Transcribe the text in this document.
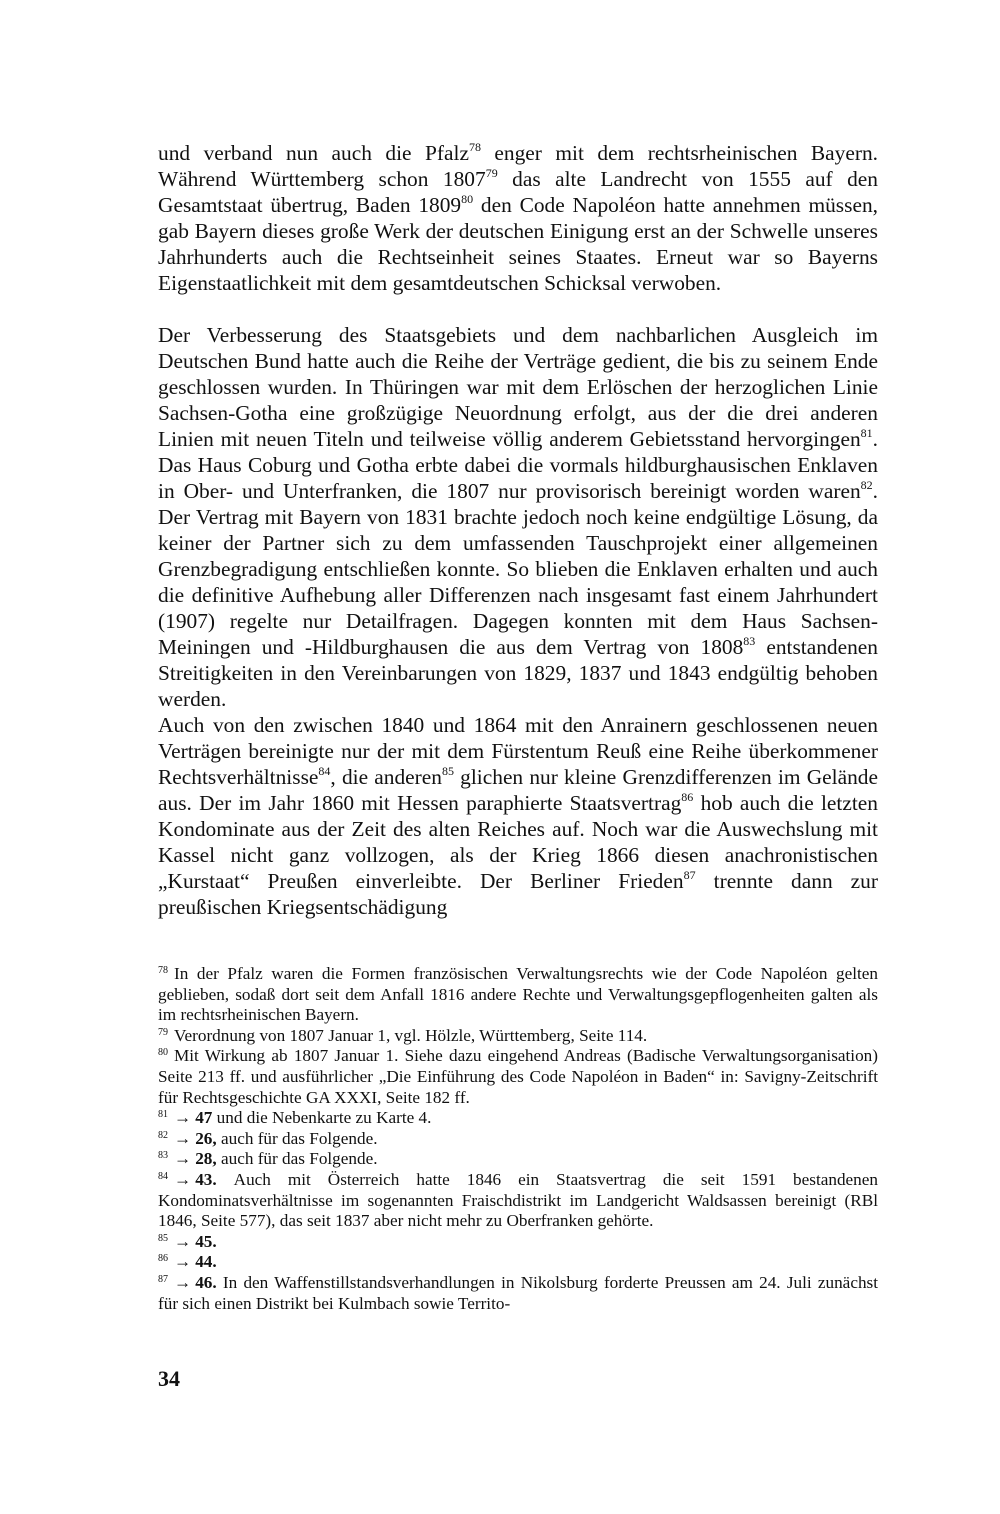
und verband nun auch die Pfalz$^{78}$ enger mit dem rechtsrheinischen Bayern. Während Württemberg schon 1807$^{79}$ das alte Landrecht von 1555 auf den Gesamtstaat übertrug, Baden 1809$^{80}$ den Code Napoléon hatte annehmen müssen, gab Bayern dieses große Werk der deutschen Einigung erst an der Schwelle unseres Jahrhunderts auch die Rechtseinheit seines Staates. Erneut war so Bayerns Eigenstaatlichkeit mit dem gesamtdeutschen Schicksal verwoben.

Der Verbesserung des Staatsgebiets und dem nachbarlichen Ausgleich im Deutschen Bund hatte auch die Reihe der Verträge gedient, die bis zu seinem Ende geschlossen wurden. In Thüringen war mit dem Erlöschen der herzoglichen Linie Sachsen-Gotha eine großzügige Neuordnung erfolgt, aus der die drei anderen Linien mit neuen Titeln und teilweise völlig anderem Gebietsstand hervorgingen$^{81}$. Das Haus Coburg und Gotha erbte dabei die vormals hildburghausischen Enklaven in Ober- und Unterfranken, die 1807 nur provisorisch bereinigt worden waren$^{82}$. Der Vertrag mit Bayern von 1831 brachte jedoch noch keine endgültige Lösung, da keiner der Partner sich zu dem umfassenden Tauschprojekt einer allgemeinen Grenzbegradigung entschließen konnte. So blieben die Enklaven erhalten und auch die definitive Aufhebung aller Differenzen nach insgesamt fast einem Jahrhundert (1907) regelte nur Detailfragen. Dagegen konnten mit dem Haus Sachsen-Meiningen und -Hildburghausen die aus dem Vertrag von 1808$^{83}$ entstandenen Streitigkeiten in den Vereinbarungen von 1829, 1837 und 1843 endgültig behoben werden.

Auch von den zwischen 1840 und 1864 mit den Anrainern geschlossenen neuen Verträgen bereinigte nur der mit dem Fürstentum Reuß eine Reihe überkommener Rechtsverhältnisse$^{84}$, die anderen$^{85}$ glichen nur kleine Grenzdifferenzen im Gelände aus. Der im Jahr 1860 mit Hessen paraphierte Staatsvertrag$^{86}$ hob auch die letzten Kondominate aus der Zeit des alten Reiches auf. Noch war die Auswechslung mit Kassel nicht ganz vollzogen, als der Krieg 1866 diesen anachronistischen „Kurstaat“ Preußen einverleibte. Der Berliner Frieden$^{87}$ trennte dann zur preußischen Kriegsentschädigung

$^{78}$ In der Pfalz waren die Formen französischen Verwaltungsrechts wie der Code Napoléon gelten geblieben, sodaß dort seit dem Anfall 1816 andere Rechte und Verwaltungsgepflogenheiten galten als im rechtsrheinischen Bayern.

$^{79}$ Verordnung von 1807 Januar 1, vgl. Hölzle, Württemberg, Seite 114.

$^{80}$ Mit Wirkung ab 1807 Januar 1. Siehe dazu eingehend Andreas (Badische Verwaltungsorganisation) Seite 213 ff. und ausführlicher „Die Einführung des Code Napoléon in Baden“ in: Savigny-Zeitschrift für Rechtsgeschichte GA XXXI, Seite 182 ff.

$^{81}$ → 47 und die Nebenkarte zu Karte 4.

$^{82}$ → 26, auch für das Folgende.

$^{83}$ → 28, auch für das Folgende.

$^{84}$ → 43. Auch mit Österreich hatte 1846 ein Staatsvertrag die seit 1591 bestandenen Kondominatsverhältnisse im sogenannten Fraischdistrikt im Landgericht Waldsassen bereinigt (RBl 1846, Seite 577), das seit 1837 aber nicht mehr zu Oberfranken gehörte.

$^{85}$ → 45.

$^{86}$ → 44.

$^{87}$ → 46. In den Waffenstillstandsverhandlungen in Nikolsburg forderte Preussen am 24. Juli zunächst für sich einen Distrikt bei Kulmbach sowie Territo-

34
